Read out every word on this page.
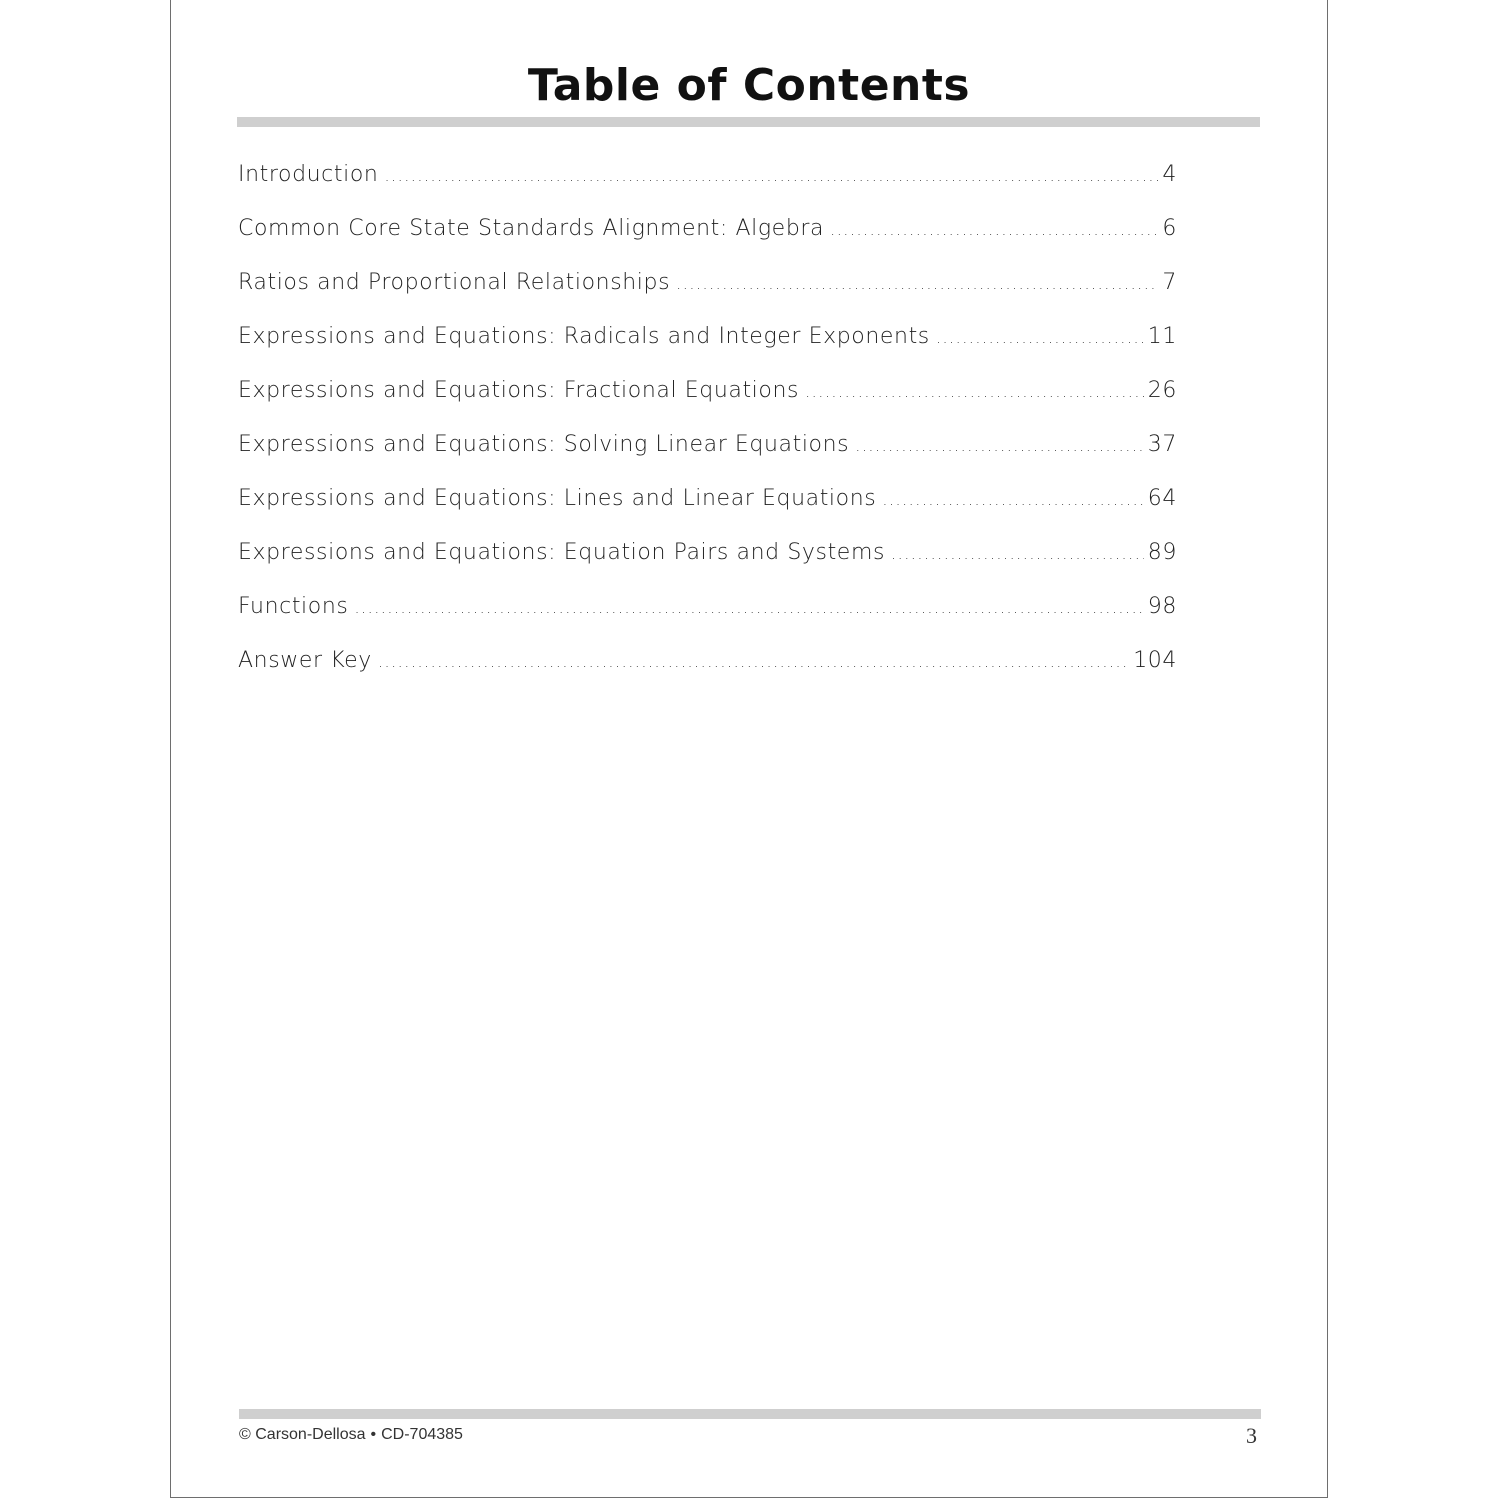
Table of Contents
Introduction .....	4
Common Core State Standards Alignment: Algebra .....	6
Ratios and Proportional Relationships .....	7
Expressions and Equations: Radicals and Integer Exponents .....	11
Expressions and Equations: Fractional Equations .....	26
Expressions and Equations: Solving Linear Equations .....	37
Expressions and Equations: Lines and Linear Equations .....	64
Expressions and Equations: Equation Pairs and Systems .....	89
Functions .....	98
Answer Key .....	104
© Carson-Dellosa • CD-704385	3
